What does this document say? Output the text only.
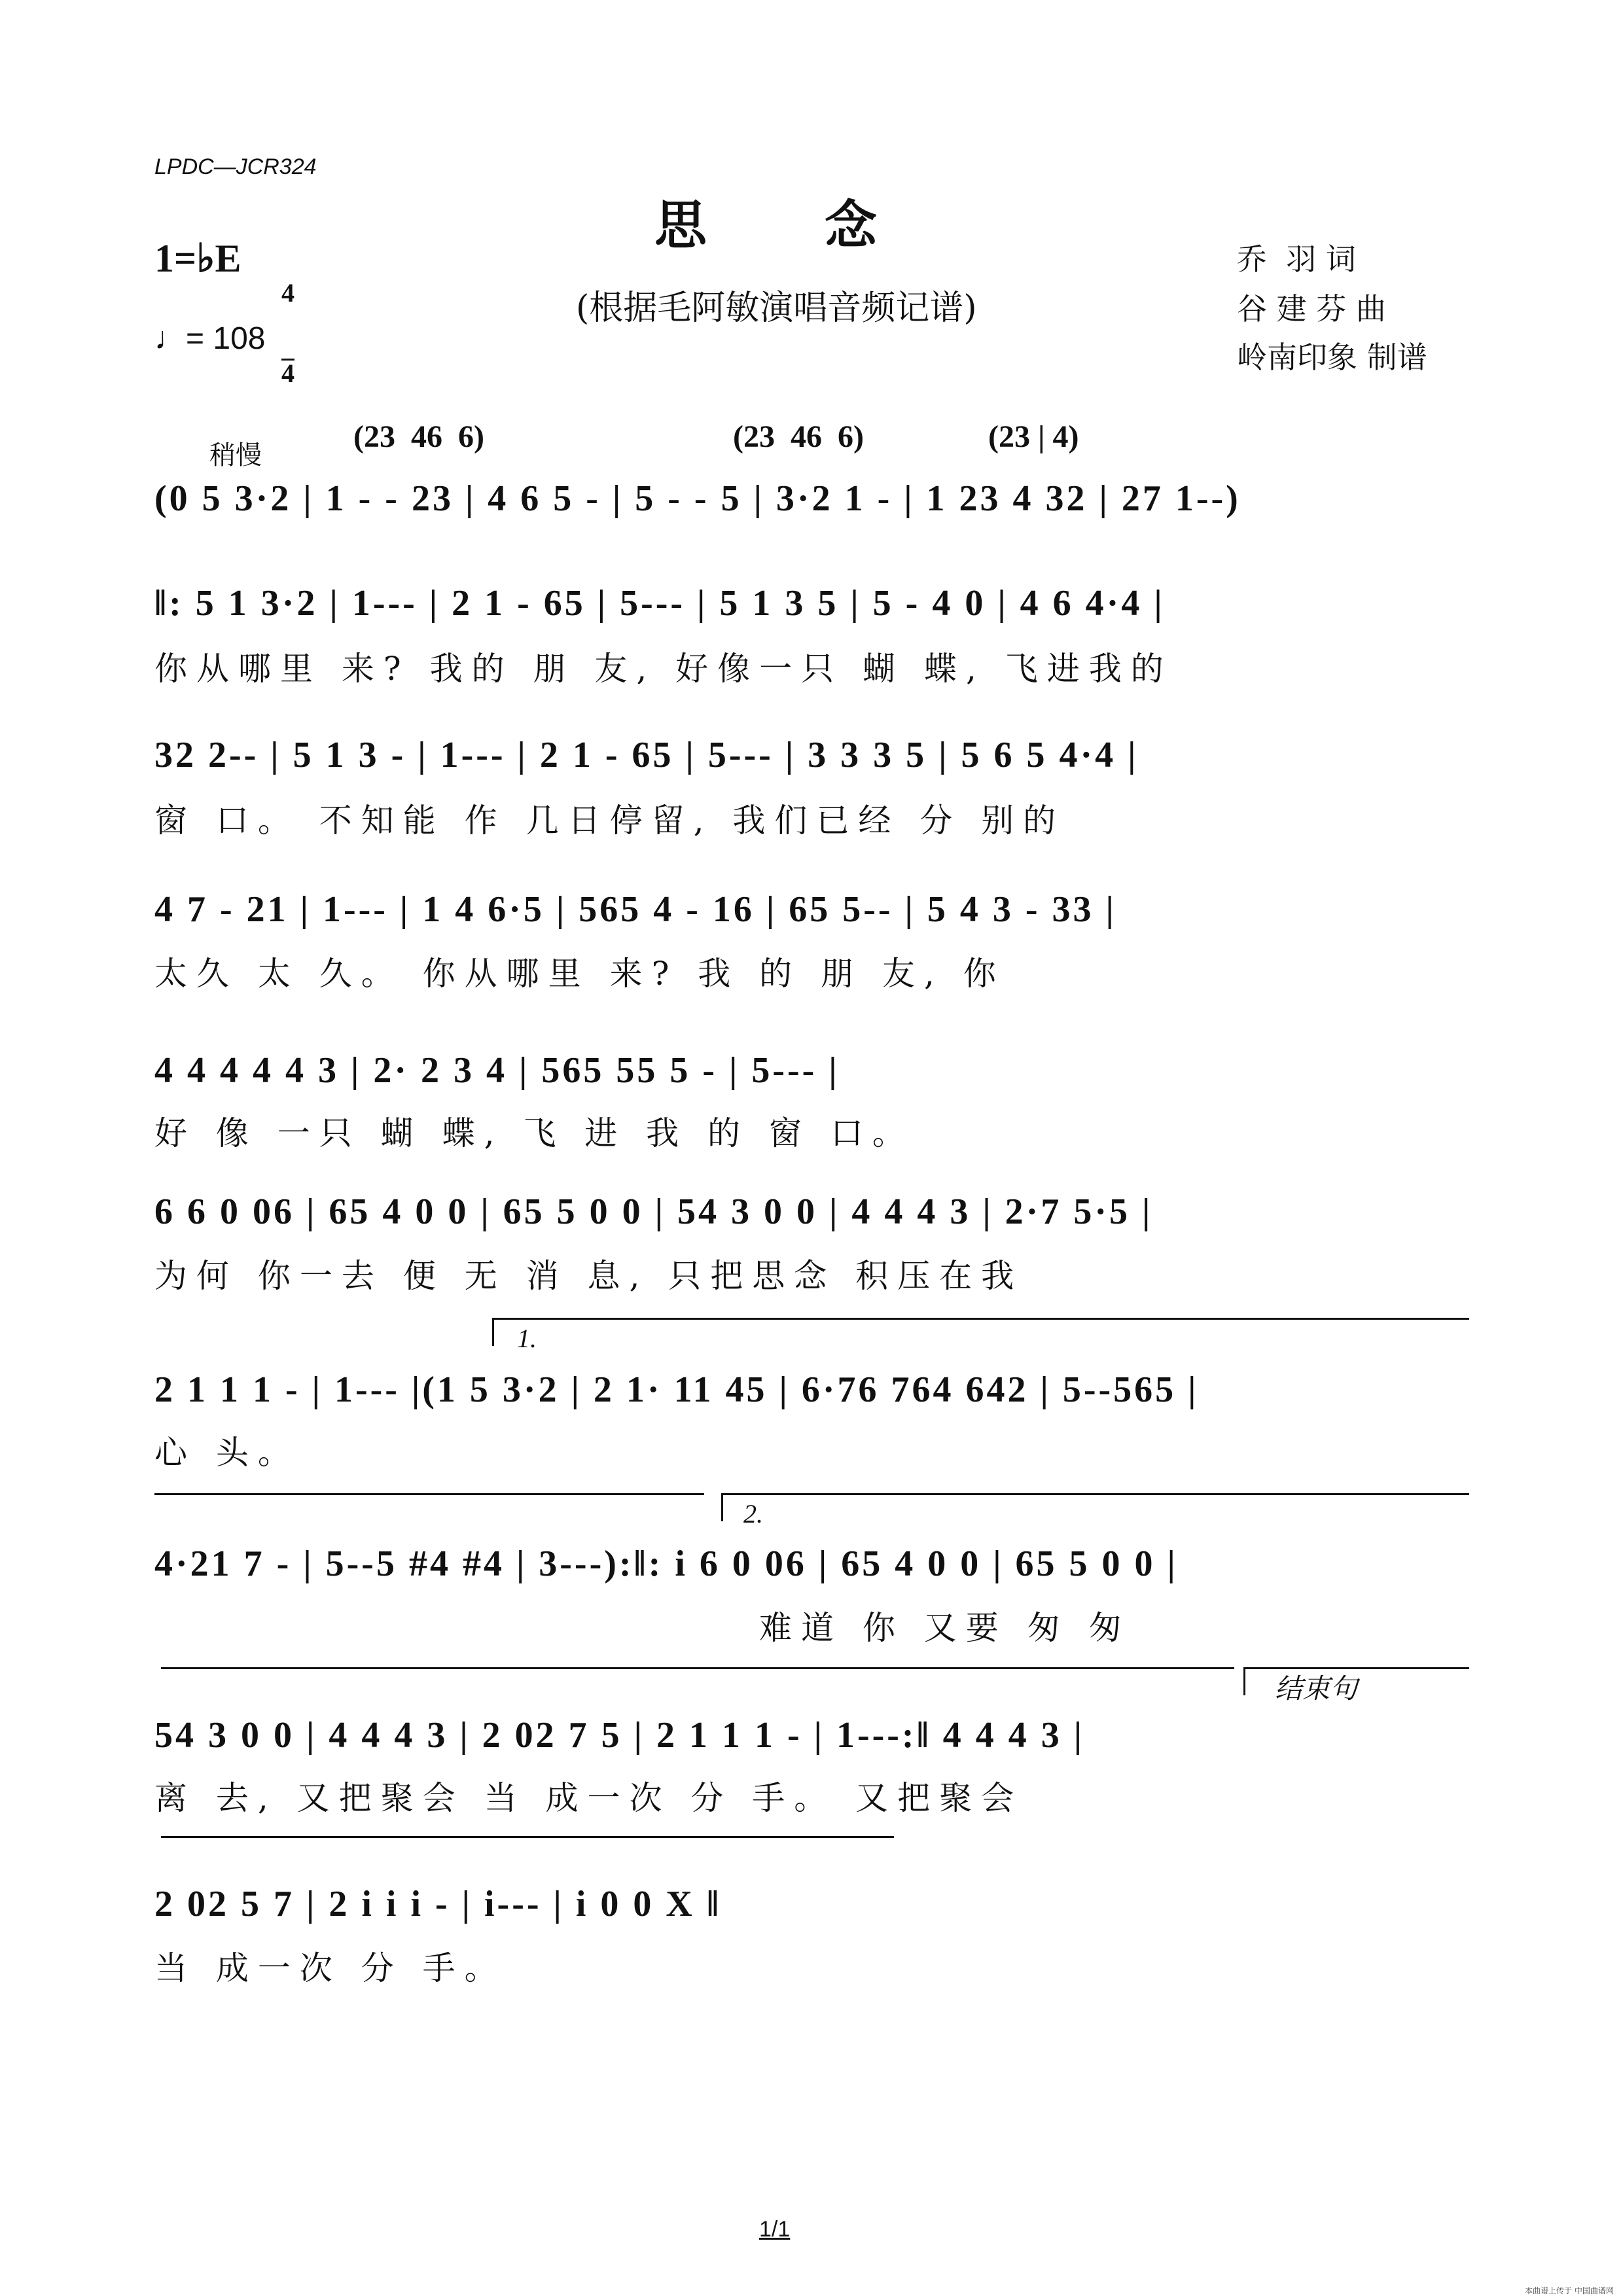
LPDC—JCR324
思念
(根据毛阿敏演唱音频记谱)
1=♭E

4

4

♩= 108
乔  羽 词
谷 建 芬 曲
岭南印象 制谱
稍慢
(23  46  6)	(23  46  6)	(23 | 4)
(0 5 3·2 | 1 - - 23 | 4 6 5 - | 5 - - 5 | 3·2 1 - | 1 23 4 32 | 27 1--)
‖: 5 1 3·2 | 1--- | 2 1 - 65 | 5--- | 5 1 3 5 | 5 - 4 0 | 4 6 4·4 |
你从哪里 来? 我的 朋 友, 好像一只 蝴 蝶, 飞进我的
32 2-- | 5 1 3 - | 1--- | 2 1 - 65 | 5--- | 3 3 3 5 | 5 6 5 4·4 |
窗 口。 不知能 作 几日停留, 我们已经 分 别的
4 7 - 21 | 1--- | 1 4 6·5 | 565 4 - 16 | 65 5-- | 5 4 3 - 33 |
太久 太 久。 你从哪里 来? 我 的 朋 友, 你
4 4 4 4 4 3 | 2· 2 3 4 | 565 55 5 - | 5--- |
好 像 一只 蝴 蝶, 飞 进 我 的 窗 口。
6 6 0 06 | 65 4 0 0 | 65 5 0 0 | 54 3 0 0 | 4 4 4 3 | 2·7 5·5 |
为何 你一去 便 无 消 息, 只把思念 积压在我
1.
2 1 1 1 - | 1--- |(1 5 3·2 | 2 1· 11 45 | 6·76 764 642 | 5--565 |
心 头。
2.
4·21 7 - | 5--5 #4 #4 | 3---):‖: i 6 0 06 | 65 4 0 0 | 65 5 0 0 |
难道 你 又要 匆 匆
结束句
54 3 0 0 | 4 4 4 3 | 2 02 7 5 | 2 1 1 1 - | 1---:‖ 4 4 4 3 |
离 去, 又把聚会 当 成一次 分 手。 又把聚会
2 02 5 7 | 2 i i i - | i--- | i 0 0 X ‖
当 成一次 分 手。
1/1
本曲谱上传于 中国曲谱网
